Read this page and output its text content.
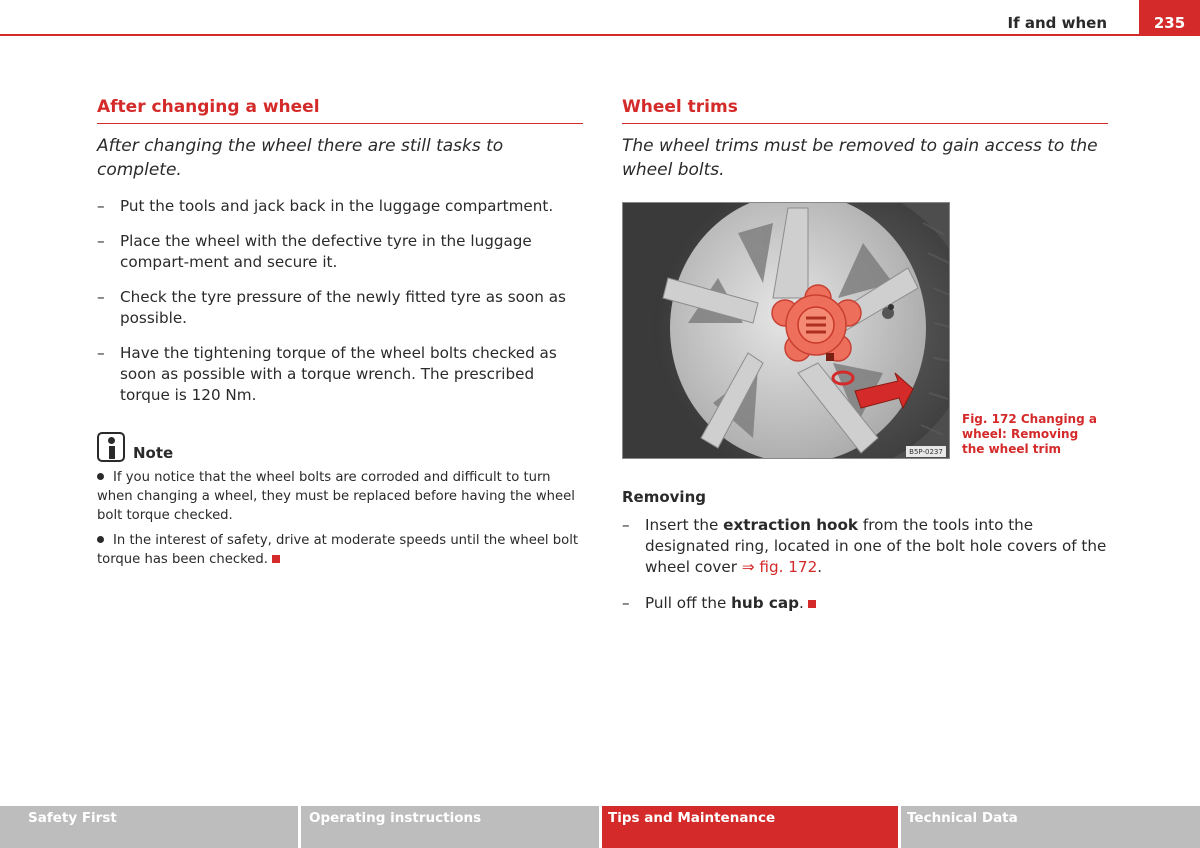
If and when	235
After changing a wheel

After changing the wheel there are still tasks to complete.

– Put the tools and jack back in the luggage compartment.
– Place the wheel with the defective tyre in the luggage compart-ment and secure it.
– Check the tyre pressure of the newly fitted tyre as soon as possible.
– Have the tightening torque of the wheel bolts checked as soon as possible with a torque wrench. The prescribed torque is 120 Nm.
Note

If you notice that the wheel bolts are corroded and difficult to turn when changing a wheel, they must be replaced before having the wheel bolt torque checked.

In the interest of safety, drive at moderate speeds until the wheel bolt torque has been checked.

Wheel trims

The wheel trims must be removed to gain access to the wheel bolts.

B5P-0237
Fig. 172 Changing a wheel: Removing the wheel trim
Removing
– Insert the extraction hook from the tools into the designated ring, located in one of the bolt hole covers of the wheel cover ⇒ fig. 172.
– Pull off the hub cap.
Safety First	Operating instructions	Tips and Maintenance	Technical Data
